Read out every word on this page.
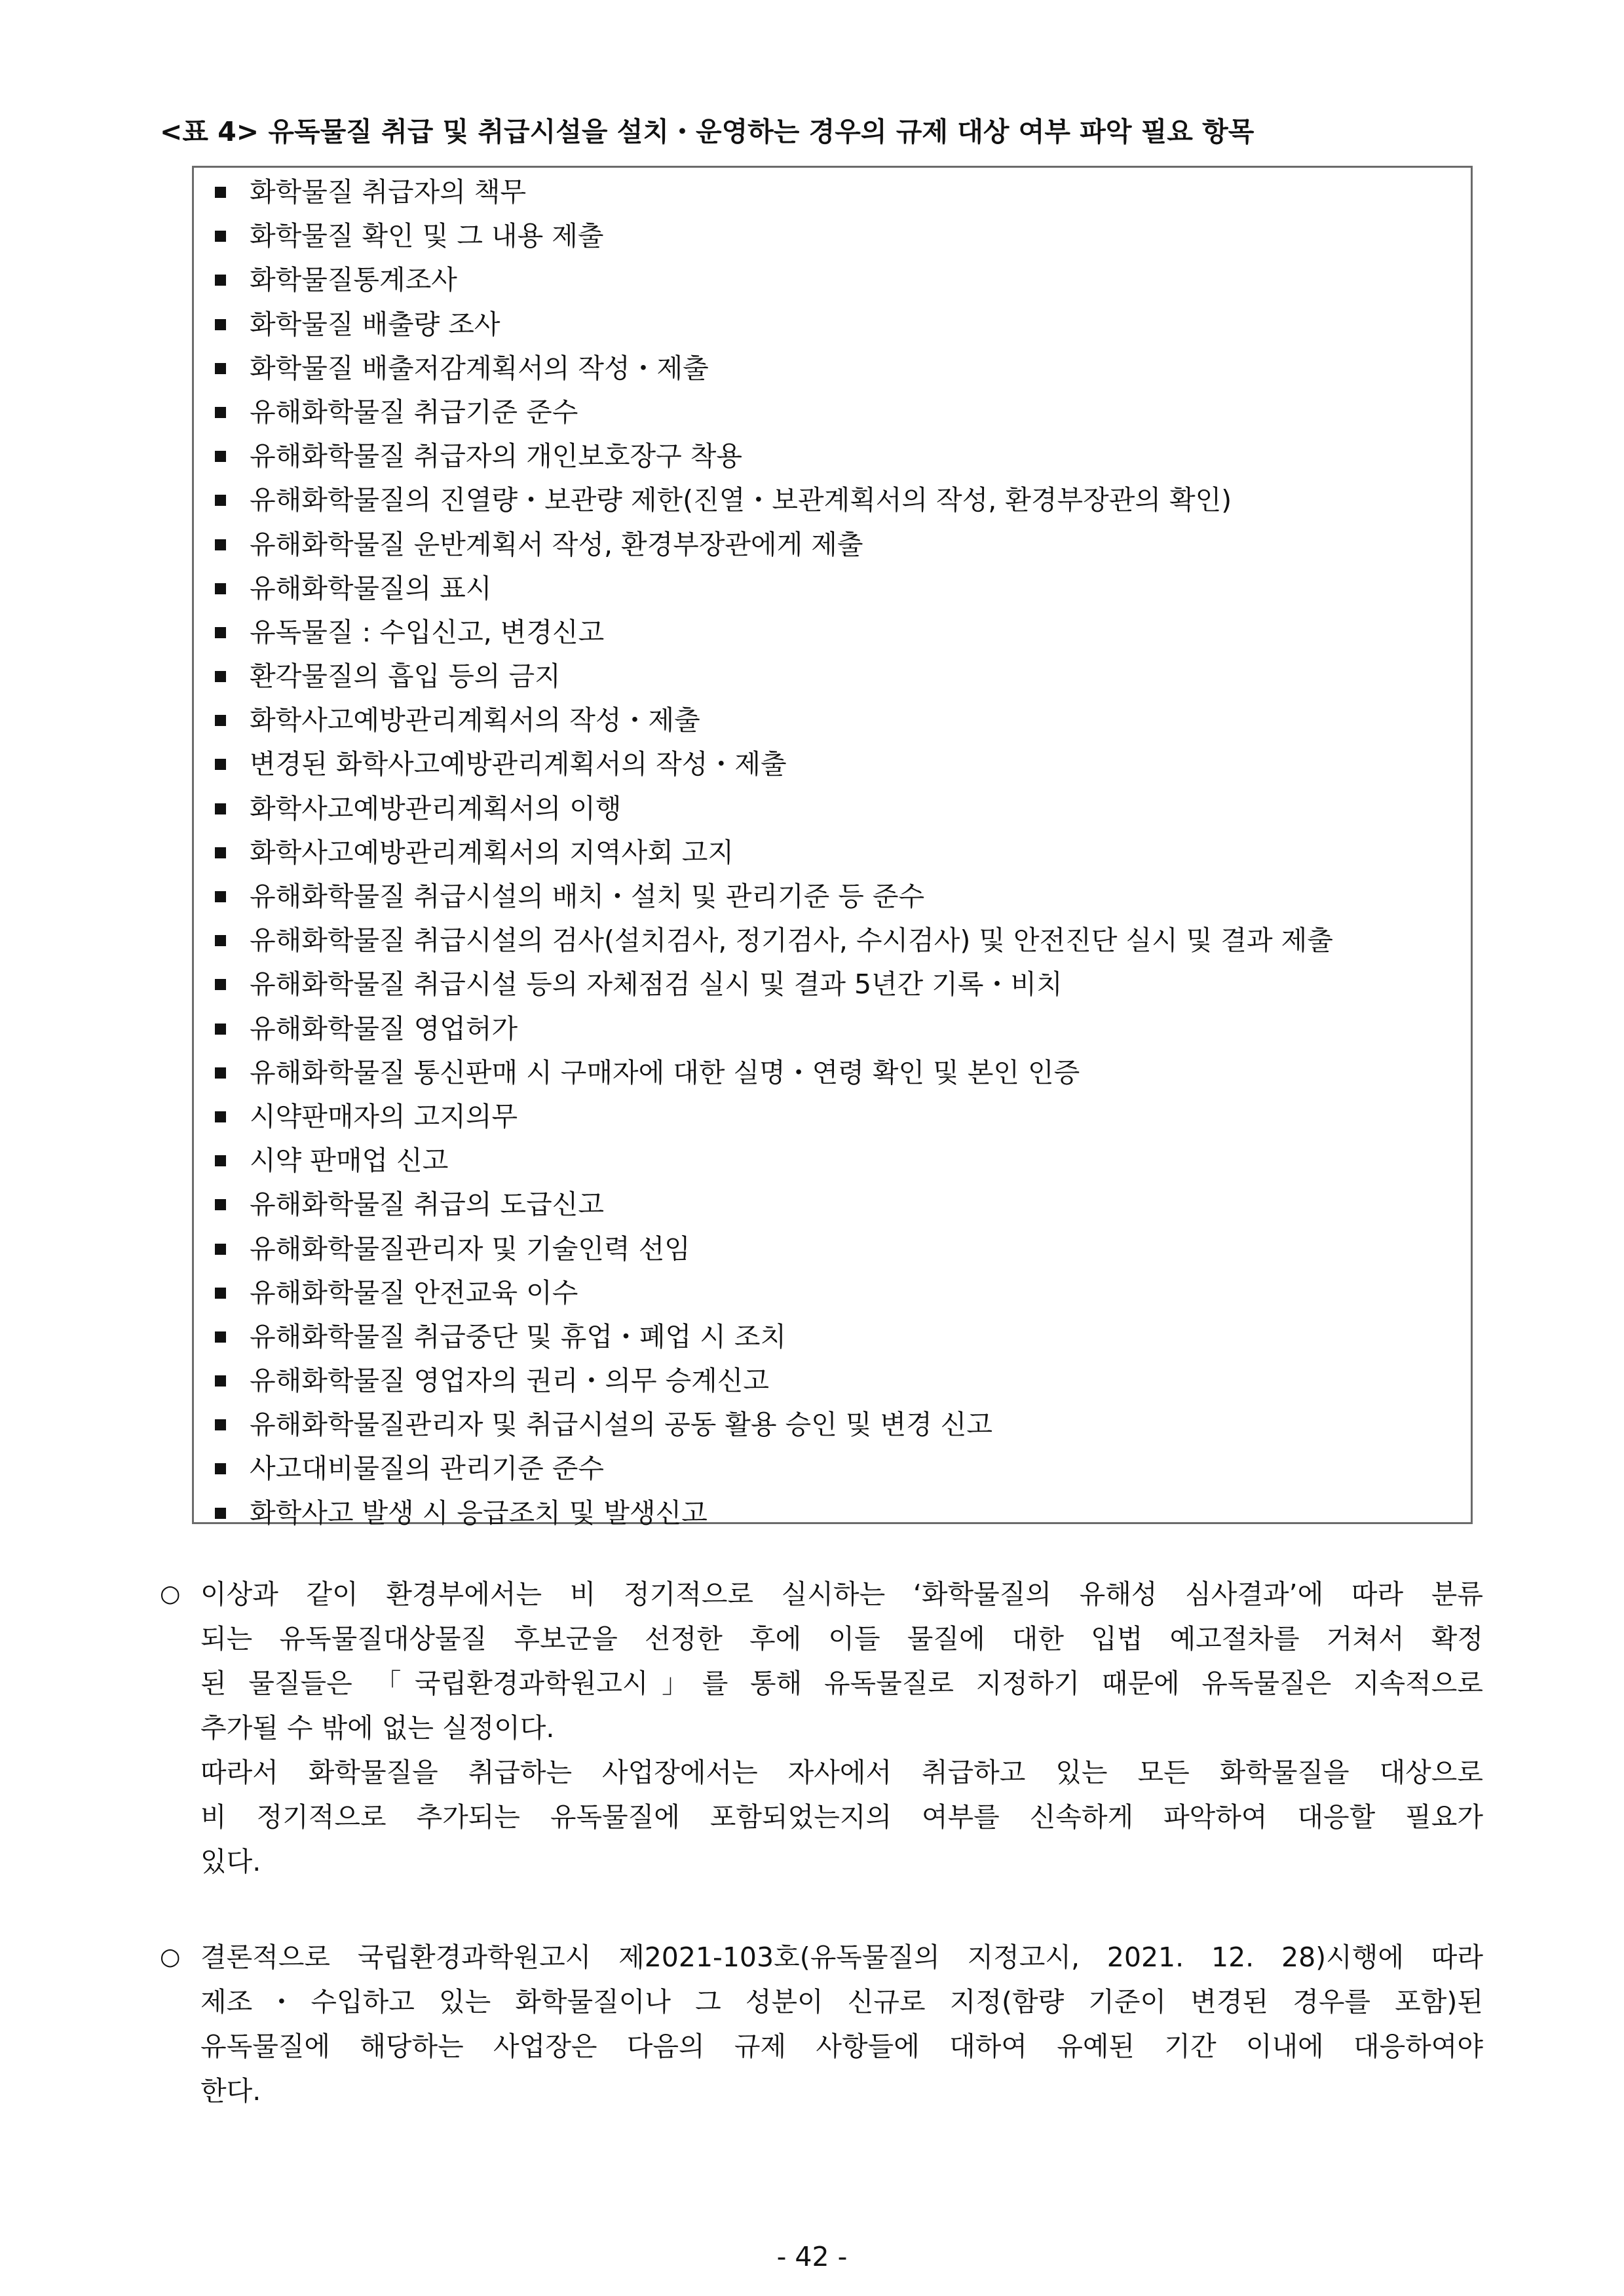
<표 4> 유독물질 취급 및 취급시설을 설치・운영하는 경우의 규제 대상 여부 파악 필요 항목
화학물질 취급자의 책무
화학물질 확인 및 그 내용 제출
화학물질통계조사
화학물질 배출량 조사
화학물질 배출저감계획서의 작성・제출
유해화학물질 취급기준 준수
유해화학물질 취급자의 개인보호장구 착용
유해화학물질의 진열량・보관량 제한(진열・보관계획서의 작성, 환경부장관의 확인)
유해화학물질 운반계획서 작성, 환경부장관에게 제출
유해화학물질의 표시
유독물질 : 수입신고, 변경신고
환각물질의 흡입 등의 금지
화학사고예방관리계획서의 작성・제출
변경된 화학사고예방관리계획서의 작성・제출
화학사고예방관리계획서의 이행
화학사고예방관리계획서의 지역사회 고지
유해화학물질 취급시설의 배치・설치 및 관리기준 등 준수
유해화학물질 취급시설의 검사(설치검사, 정기검사, 수시검사) 및 안전진단 실시 및 결과 제출
유해화학물질 취급시설 등의 자체점검 실시 및 결과 5년간 기록・비치
유해화학물질 영업허가
유해화학물질 통신판매 시 구매자에 대한 실명・연령 확인 및 본인 인증
시약판매자의 고지의무
시약 판매업 신고
유해화학물질 취급의 도급신고
유해화학물질관리자 및 기술인력 선임
유해화학물질 안전교육 이수
유해화학물질 취급중단 및 휴업・폐업 시 조치
유해화학물질 영업자의 권리・의무 승계신고
유해화학물질관리자 및 취급시설의 공동 활용 승인 및 변경 신고
사고대비물질의 관리기준 준수
화학사고 발생 시 응급조치 및 발생신고
○ 이상과 같이 환경부에서는 비 정기적으로 실시하는 ‘화학물질의 유해성 심사결과’에 따라 분류
되는 유독물질대상물질 후보군을 선정한 후에 이들 물질에 대한 입법 예고절차를 거쳐서 확정
된 물질들은 「국립환경과학원고시」를 통해 유독물질로 지정하기 때문에 유독물질은 지속적으로
추가될 수 밖에 없는 실정이다.
따라서 화학물질을 취급하는 사업장에서는 자사에서 취급하고 있는 모든 화학물질을 대상으로
비 정기적으로 추가되는 유독물질에 포함되었는지의 여부를 신속하게 파악하여 대응할 필요가
있다.
○ 결론적으로 국립환경과학원고시 제2021-103호(유독물질의 지정고시, 2021. 12. 28)시행에 따라
제조・수입하고 있는 화학물질이나 그 성분이 신규로 지정(함량 기준이 변경된 경우를 포함)된
유독물질에 해당하는 사업장은 다음의 규제 사항들에 대하여 유예된 기간 이내에 대응하여야
한다.
- 42 -
